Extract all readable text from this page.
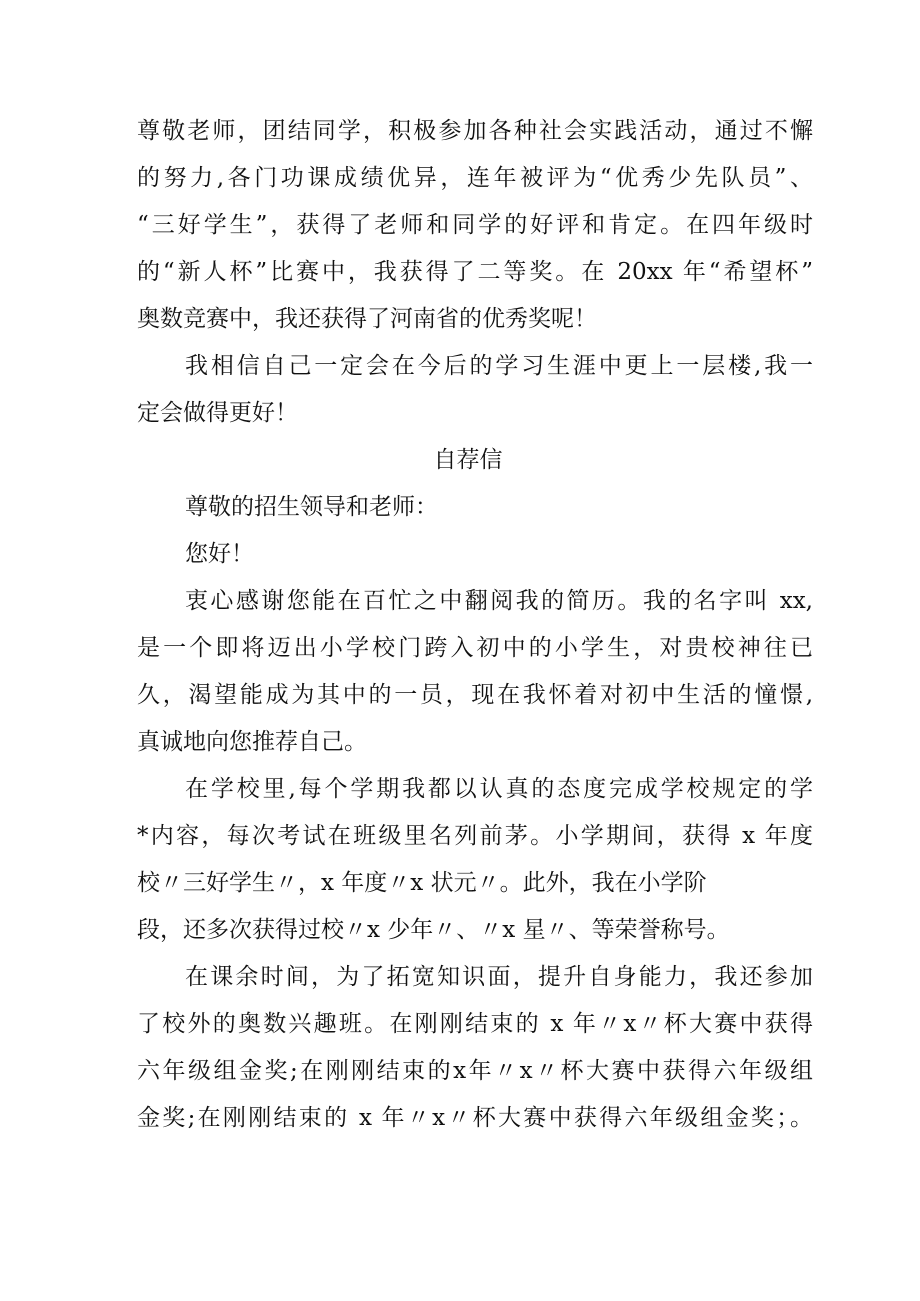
尊敬老师，团结同学，积极参加各种社会实践活动，通过不懈

的努力,各门功课成绩优异，连年被评为“优秀少先队员”、

“三好学生”，获得了老师和同学的好评和肯定。在四年级时

的“新人杯”比赛中，我获得了二等奖。在 20xx 年“希望杯”

奥数竞赛中，我还获得了河南省的优秀奖呢！

我相信自己一定会在今后的学习生涯中更上一层楼,我一

定会做得更好！

自荐信

尊敬的招生领导和老师：

您好！

衷心感谢您能在百忙之中翻阅我的简历。我的名字叫 xx,

是一个即将迈出小学校门跨入初中的小学生，对贵校神往已

久，渴望能成为其中的一员，现在我怀着对初中生活的憧憬,

真诚地向您推荐自己。

在学校里,每个学期我都以认真的态度完成学校规定的学

*内容，每次考试在班级里名列前茅。小学期间，获得 x 年度

校〃三好学生〃，x 年度〃x 状元〃。此外，我在小学阶

段，还多次获得过校〃x 少年〃、〃x 星〃、等荣誉称号。

在课余时间，为了拓宽知识面，提升自身能力，我还参加

了校外的奥数兴趣班。在刚刚结束的 x 年〃x〃杯大赛中获得

六年级组金奖;在刚刚结束的x年〃x〃杯大赛中获得六年级组

金奖;在刚刚结束的 x 年〃x〃杯大赛中获得六年级组金奖；。
